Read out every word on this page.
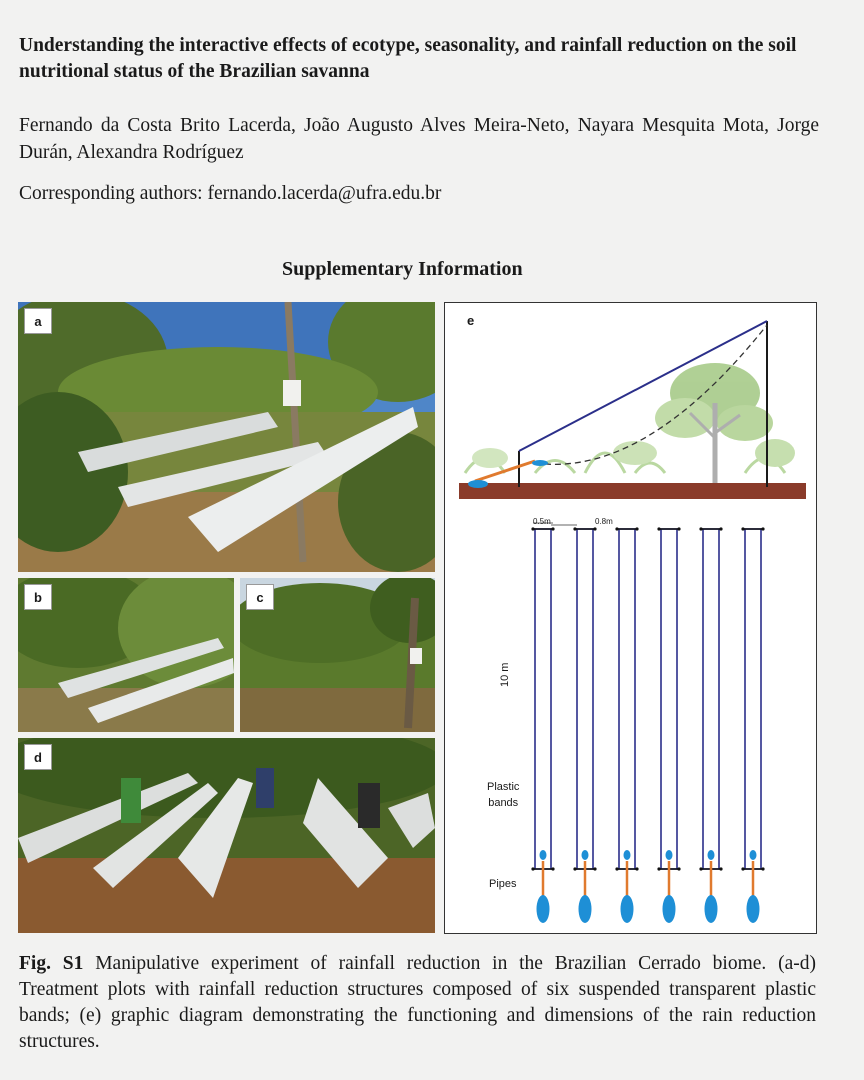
Understanding the interactive effects of ecotype, seasonality, and rainfall reduction on the soil nutritional status of the Brazilian savanna

Fernando da Costa Brito Lacerda, João Augusto Alves Meira-Neto, Nayara Mesquita Mota, Jorge Durán, Alexandra Rodríguez

Corresponding authors: fernando.lacerda@ufra.edu.br

Supplementary Information
a
b	c
d
e
0.5m	0.8m
10 m
Plastic
bands
Pipes

Fig. S1 Manipulative experiment of rainfall reduction in the Brazilian Cerrado biome. (a-d) Treatment plots with rainfall reduction structures composed of six suspended transparent plastic bands; (e) graphic diagram demonstrating the functioning and dimensions of the rain reduction structures.
